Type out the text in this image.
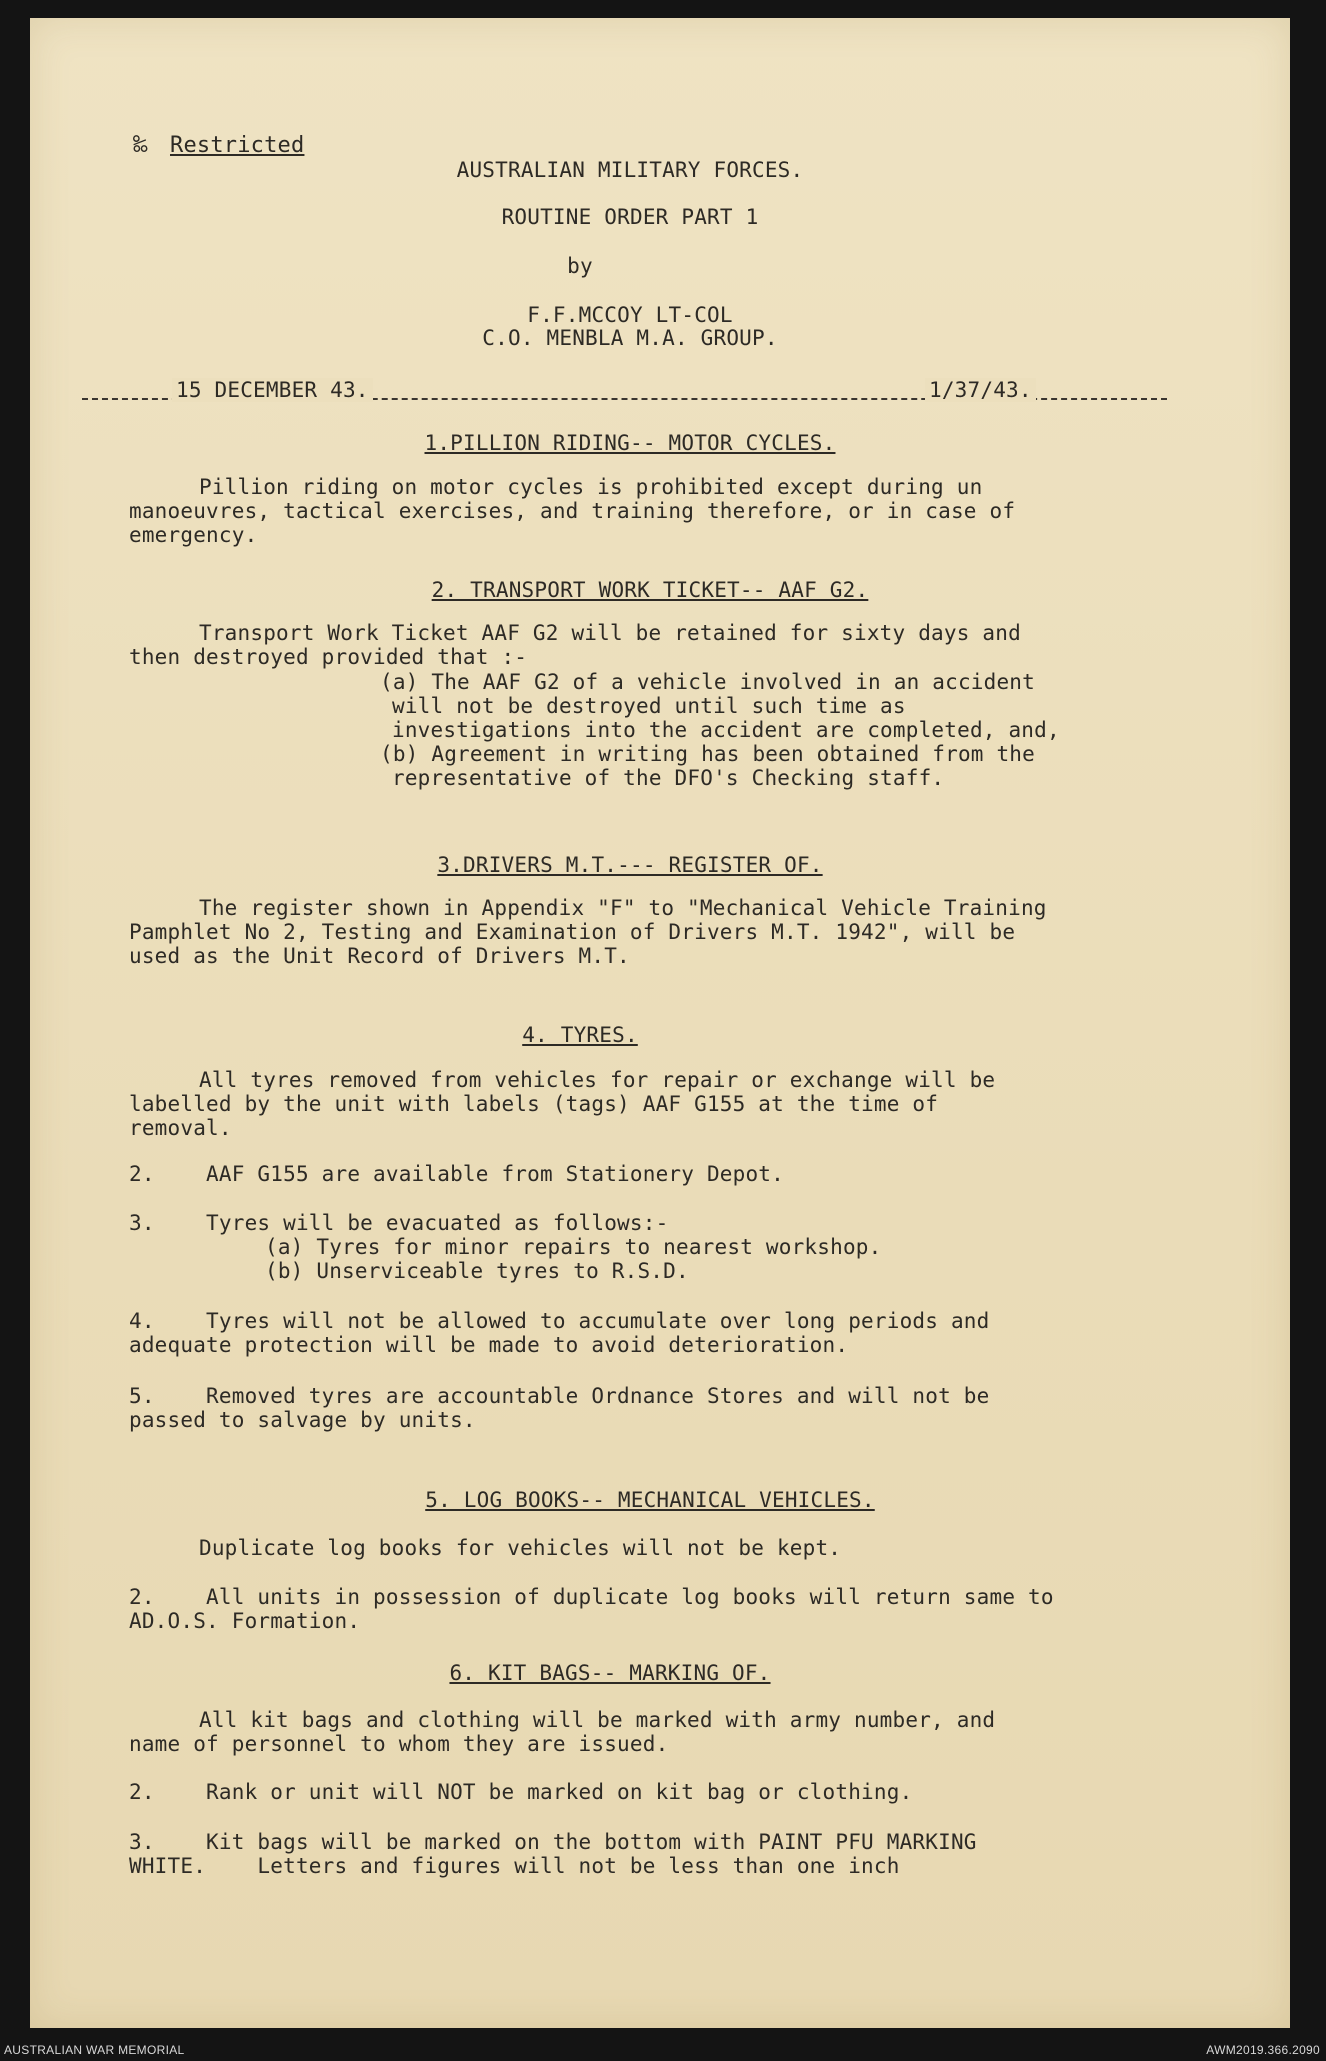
Restricted
‰
AUSTRALIAN MILITARY FORCES.
ROUTINE ORDER PART 1
by
F.F.MCCOY LT-COL
C.O. MENBLA M.A. GROUP.
15 DECEMBER 43.	1/37/43.
1.PILLION RIDING-- MOTOR CYCLES.
Pillion riding on motor cycles is prohibited except during un
manoeuvres, tactical exercises, and training therefore, or in case of
emergency.
2. TRANSPORT WORK TICKET-- AAF G2.
Transport Work Ticket AAF G2 will be retained for sixty days and
then destroyed provided that :-
(a) The AAF G2 of a vehicle involved in an accident
will not be destroyed until such time as
investigations into the accident are completed, and,
(b) Agreement in writing has been obtained from the
representative of the DFO's Checking staff.
3.DRIVERS M.T.--- REGISTER OF.
The register shown in Appendix "F" to "Mechanical Vehicle Training
Pamphlet No 2, Testing and Examination of Drivers M.T. 1942", will be
used as the Unit Record of Drivers M.T.
4. TYRES.
All tyres removed from vehicles for repair or exchange will be
labelled by the unit with labels (tags) AAF G155 at the time of
removal.
2.    AAF G155 are available from Stationery Depot.
3.    Tyres will be evacuated as follows:-
(a) Tyres for minor repairs to nearest workshop.
(b) Unserviceable tyres to R.S.D.
4.    Tyres will not be allowed to accumulate over long periods and
adequate protection will be made to avoid deterioration.
5.    Removed tyres are accountable Ordnance Stores and will not be
passed to salvage by units.
5. LOG BOOKS-- MECHANICAL VEHICLES.
Duplicate log books for vehicles will not be kept.
2.    All units in possession of duplicate log books will return same to
AD.O.S. Formation.
6. KIT BAGS-- MARKING OF.
All kit bags and clothing will be marked with army number, and
name of personnel to whom they are issued.
2.    Rank or unit will NOT be marked on kit bag or clothing.
3.    Kit bags will be marked on the bottom with PAINT PFU MARKING
WHITE.    Letters and figures will not be less than one inch
AUSTRALIAN WAR MEMORIAL	AWM2019.366.2090
